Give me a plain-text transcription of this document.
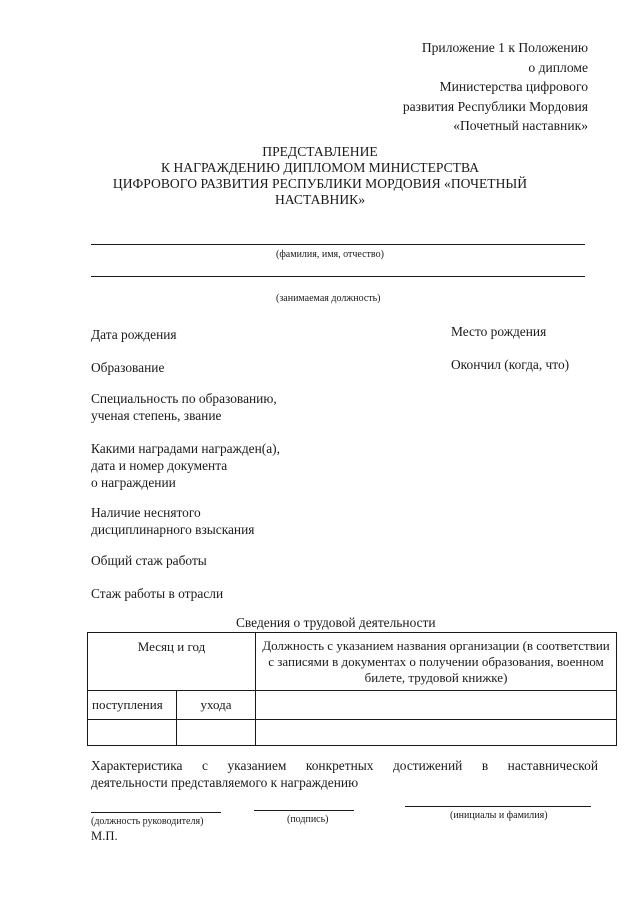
Приложение 1 к Положению
о дипломе
Министерства цифрового
развития Республики Мордовия
«Почетный наставник»
ПРЕДСТАВЛЕНИЕ
К НАГРАЖДЕНИЮ ДИПЛОМОМ МИНИСТЕРСТВА
ЦИФРОВОГО РАЗВИТИЯ РЕСПУБЛИКИ МОРДОВИЯ «ПОЧЕТНЫЙ
НАСТАВНИК»
(фамилия, имя, отчество)
(занимаемая должность)
Дата рождения	Место рождения
Образование	Окончил (когда, что)
Специальность по образованию,
ученая степень, звание
Какими наградами награжден(а),
дата и номер документа
о награждении
Наличие неснятого
дисциплинарного взыскания
Общий стаж работы
Стаж работы в отрасли
Сведения о трудовой деятельности
Месяц и год		Должность с указанием названия организации (в соответствии с записями в документах о получении образования, военном билете, трудовой книжке)
поступления	ухода	

Характеристика с указанием конкретных достижений в наставнической
деятельности представляемого к награждению
(должность руководителя)	(подпись)	(инициалы и фамилия)
М.П.
